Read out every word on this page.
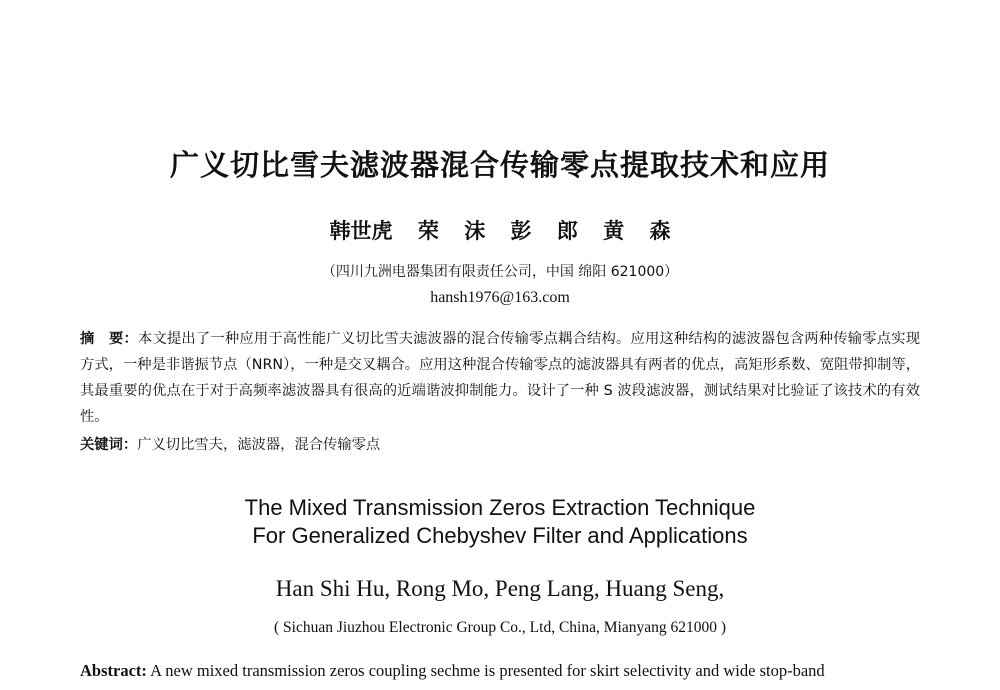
广义切比雪夫滤波器混合传输零点提取技术和应用
韩世虎 荣 沫 彭 郎 黄 森
（四川九洲电器集团有限责任公司，中国 绵阳 621000）
hansh1976@163.com
摘　要：本文提出了一种应用于高性能广义切比雪夫滤波器的混合传输零点耦合结构。应用这种结构的滤波器包含两种传输零点实现方式，一种是非谐振节点（NRN），一种是交叉耦合。应用这种混合传输零点的滤波器具有两者的优点，高矩形系数、宽阻带抑制等，其最重要的优点在于对于高频率滤波器具有很高的近端谐波抑制能力。设计了一种 S 波段滤波器，测试结果对比验证了该技术的有效性。
关键词：广义切比雪夫，滤波器，混合传输零点
The Mixed Transmission Zeros Extraction Technique
For Generalized Chebyshev Filter and Applications
Han Shi Hu, Rong Mo, Peng Lang, Huang Seng,
( Sichuan Jiuzhou Electronic Group Co., Ltd, China, Mianyang 621000 )
Abstract: A new mixed transmission zeros coupling sechme is presented for skirt selectivity and wide stop-band
